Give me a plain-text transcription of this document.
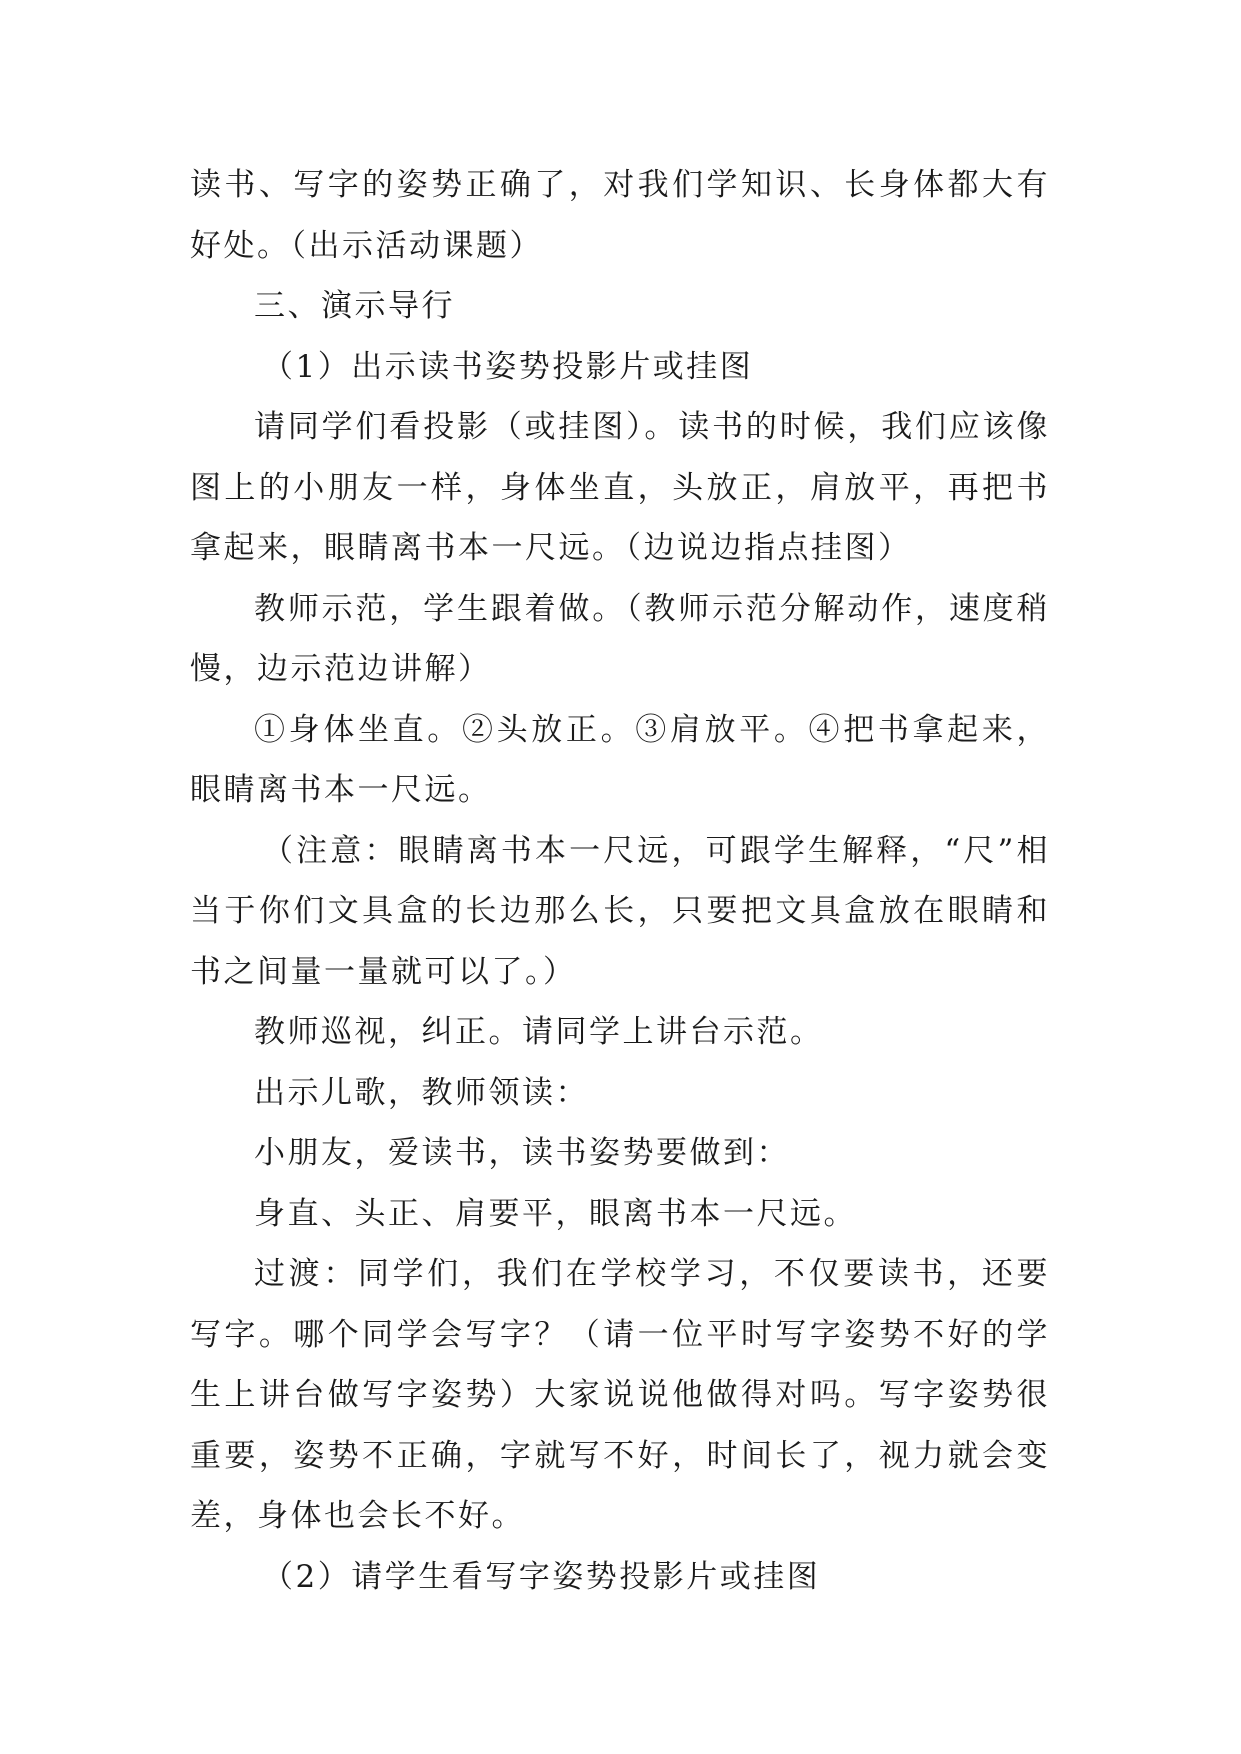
读书、写字的姿势正确了，对我们学知识、长身体都大有好处。（出示活动课题）

三、演示导行

（1）出示读书姿势投影片或挂图

请同学们看投影（或挂图）。读书的时候，我们应该像图上的小朋友一样，身体坐直，头放正，肩放平，再把书拿起来，眼睛离书本一尺远。（边说边指点挂图）

教师示范，学生跟着做。（教师示范分解动作，速度稍慢，边示范边讲解）

①身体坐直。②头放正。③肩放平。④把书拿起来，眼睛离书本一尺远。

（注意：眼睛离书本一尺远，可跟学生解释，“尺”相当于你们文具盒的长边那么长，只要把文具盒放在眼睛和书之间量一量就可以了。）

教师巡视，纠正。请同学上讲台示范。

出示儿歌，教师领读：

小朋友，爱读书，读书姿势要做到：

身直、头正、肩要平，眼离书本一尺远。

过渡：同学们，我们在学校学习，不仅要读书，还要写字。哪个同学会写字？（请一位平时写字姿势不好的学生上讲台做写字姿势）大家说说他做得对吗。写字姿势很重要，姿势不正确，字就写不好，时间长了，视力就会变差，身体也会长不好。

（2）请学生看写字姿势投影片或挂图
